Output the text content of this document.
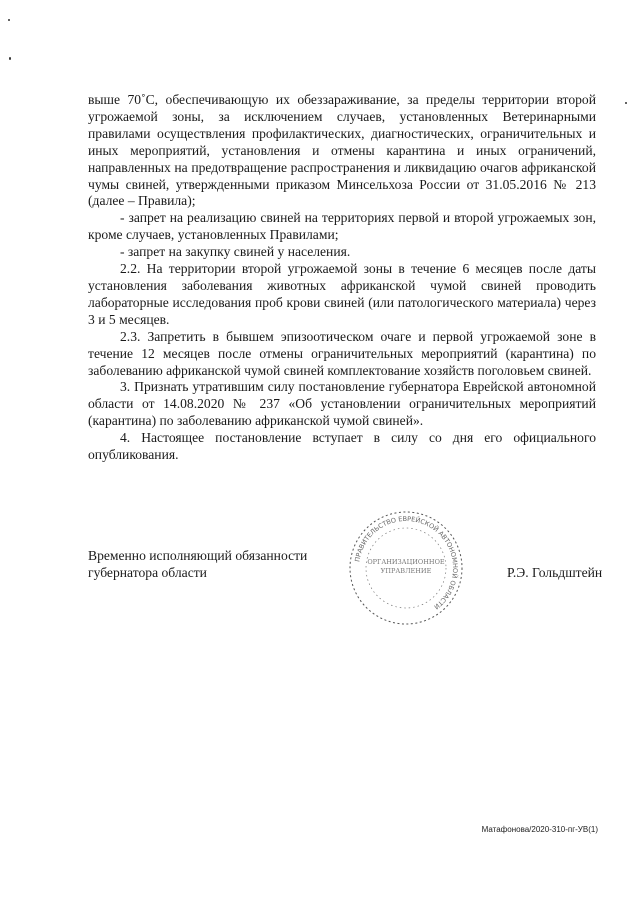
выше 70˚С, обеспечивающую их обеззараживание, за пределы территории второй угрожаемой зоны, за исключением случаев, установленных Ветеринарными правилами осуществления профилактических, диагностических, ограничительных и иных мероприятий, установления и отмены карантина и иных ограничений, направленных на предотвращение распространения и ликвидацию очагов африканской чумы свиней, утвержденными приказом Минсельхоза России от 31.05.2016 № 213 (далее – Правила);

- запрет на реализацию свиней на территориях первой и второй угрожаемых зон, кроме случаев, установленных Правилами;

- запрет на закупку свиней у населения.

2.2. На территории второй угрожаемой зоны в течение 6 месяцев после даты установления заболевания животных африканской чумой свиней проводить лабораторные исследования проб крови свиней (или патологического материала) через 3 и 5 месяцев.

2.3. Запретить в бывшем эпизоотическом очаге и первой угрожаемой зоне в течение 12 месяцев после отмены ограничительных мероприятий (карантина) по заболеванию африканской чумой свиней комплектование хозяйств поголовьем свиней.

3. Признать утратившим силу постановление губернатора Еврейской автономной области от 14.08.2020 № 237 «Об установлении ограничительных мероприятий (карантина) по заболеванию африканской чумой свиней».

4. Настоящее постановление вступает в силу со дня его официального опубликования.

Временно исполняющий обязанности
губернатора области
ПРАВИТЕЛЬСТВО ЕВРЕЙСКОЙ АВТОНОМНОЙ ОБЛАСТИ
ОРГАНИЗАЦИОННОЕ
УПРАВЛЕНИЕ	Р.Э. Гольдштейн
Матафонова/2020-310-пг-УВ(1)
